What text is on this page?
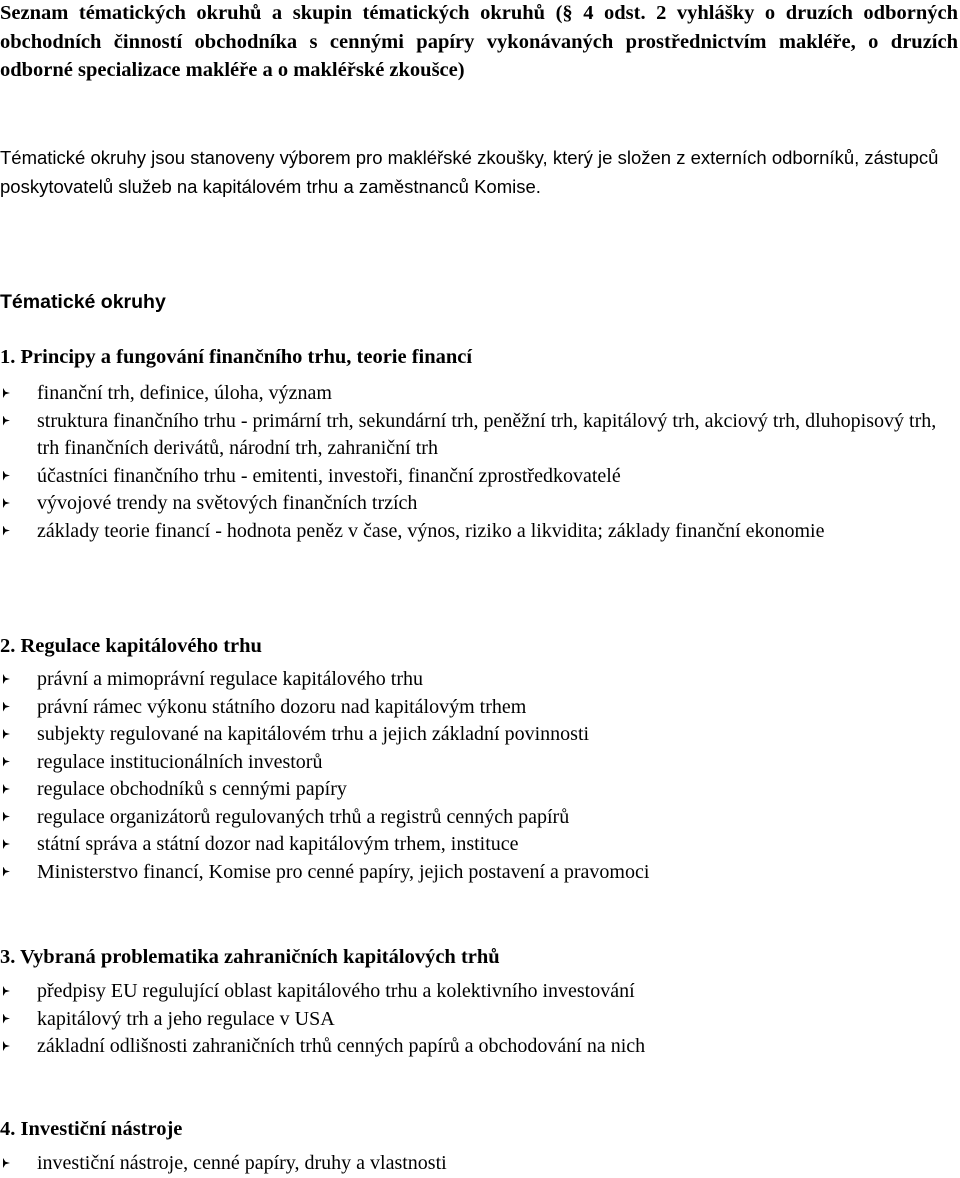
Seznam tématických okruhů a skupin tématických okruhů (§ 4 odst. 2 vyhlášky o druzích odborných obchodních činností obchodníka s cennými papíry vykonávaných prostřednictvím makléře, o druzích odborné specializace makléře a o makléřské zkoušce)

Tématické okruhy jsou stanoveny výborem pro makléřské zkoušky, který je složen z externích odborníků, zástupců poskytovatelů služeb na kapitálovém trhu a zaměstnanců Komise.

Tématické okruhy

1. Principy a fungování finančního trhu, teorie financí
finanční trh, definice, úloha, význam
struktura finančního trhu - primární trh, sekundární trh, peněžní trh, kapitálový trh, akciový trh, dluhopisový trh, trh finančních derivátů, národní trh, zahraniční trh
účastníci finančního trhu - emitenti, investoři, finanční zprostředkovatelé
vývojové trendy na světových finančních trzích
základy teorie financí - hodnota peněz v čase, výnos, riziko a likvidita; základy finanční ekonomie
2. Regulace kapitálového trhu
právní a mimoprávní regulace kapitálového trhu
právní rámec výkonu státního dozoru nad kapitálovým trhem
subjekty regulované na kapitálovém trhu a jejich základní povinnosti
regulace institucionálních investorů
regulace obchodníků s cennými papíry
regulace organizátorů regulovaných trhů a registrů cenných papírů
státní správa a státní dozor nad kapitálovým trhem, instituce
Ministerstvo financí, Komise pro cenné papíry, jejich postavení a pravomoci
3. Vybraná problematika zahraničních kapitálových trhů
předpisy EU regulující oblast kapitálového trhu a kolektivního investování
kapitálový trh a jeho regulace v USA
základní odlišnosti zahraničních trhů cenných papírů a obchodování na nich
4. Investiční nástroje
investiční nástroje, cenné papíry, druhy a vlastnosti
